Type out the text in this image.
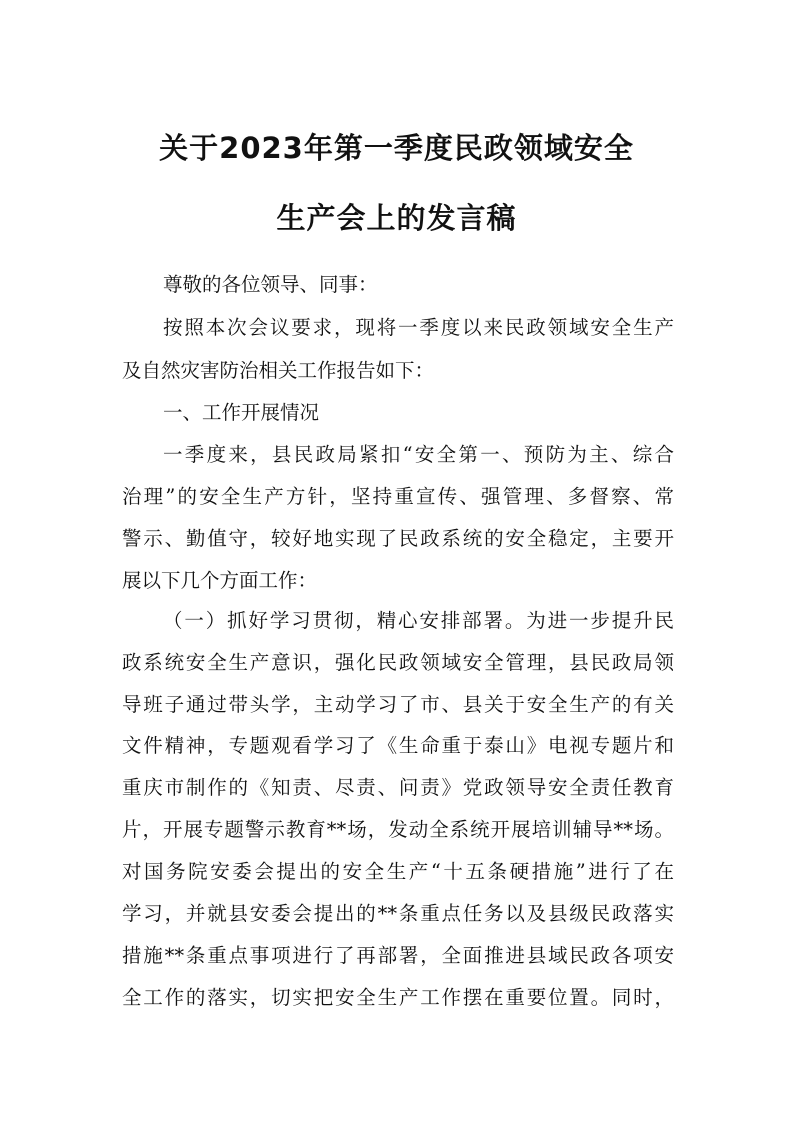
关于2023年第一季度民政领域安全
生产会上的发言稿
尊敬的各位领导、同事：
按照本次会议要求，现将一季度以来民政领域安全生产
及自然灾害防治相关工作报告如下：
一、工作开展情况
一季度来，县民政局紧扣“安全第一、预防为主、综合
治理”的安全生产方针，坚持重宣传、强管理、多督察、常
警示、勤值守，较好地实现了民政系统的安全稳定，主要开
展以下几个方面工作：
（一）抓好学习贯彻，精心安排部署。为进一步提升民
政系统安全生产意识，强化民政领域安全管理，县民政局领
导班子通过带头学，主动学习了市、县关于安全生产的有关
文件精神，专题观看学习了《生命重于泰山》电视专题片和
重庆市制作的《知责、尽责、问责》党政领导安全责任教育
片，开展专题警示教育**场，发动全系统开展培训辅导**场。
对国务院安委会提出的安全生产“十五条硬措施”进行了在
学习，并就县安委会提出的**条重点任务以及县级民政落实
措施**条重点事项进行了再部署，全面推进县域民政各项安
全工作的落实，切实把安全生产工作摆在重要位置。同时，
